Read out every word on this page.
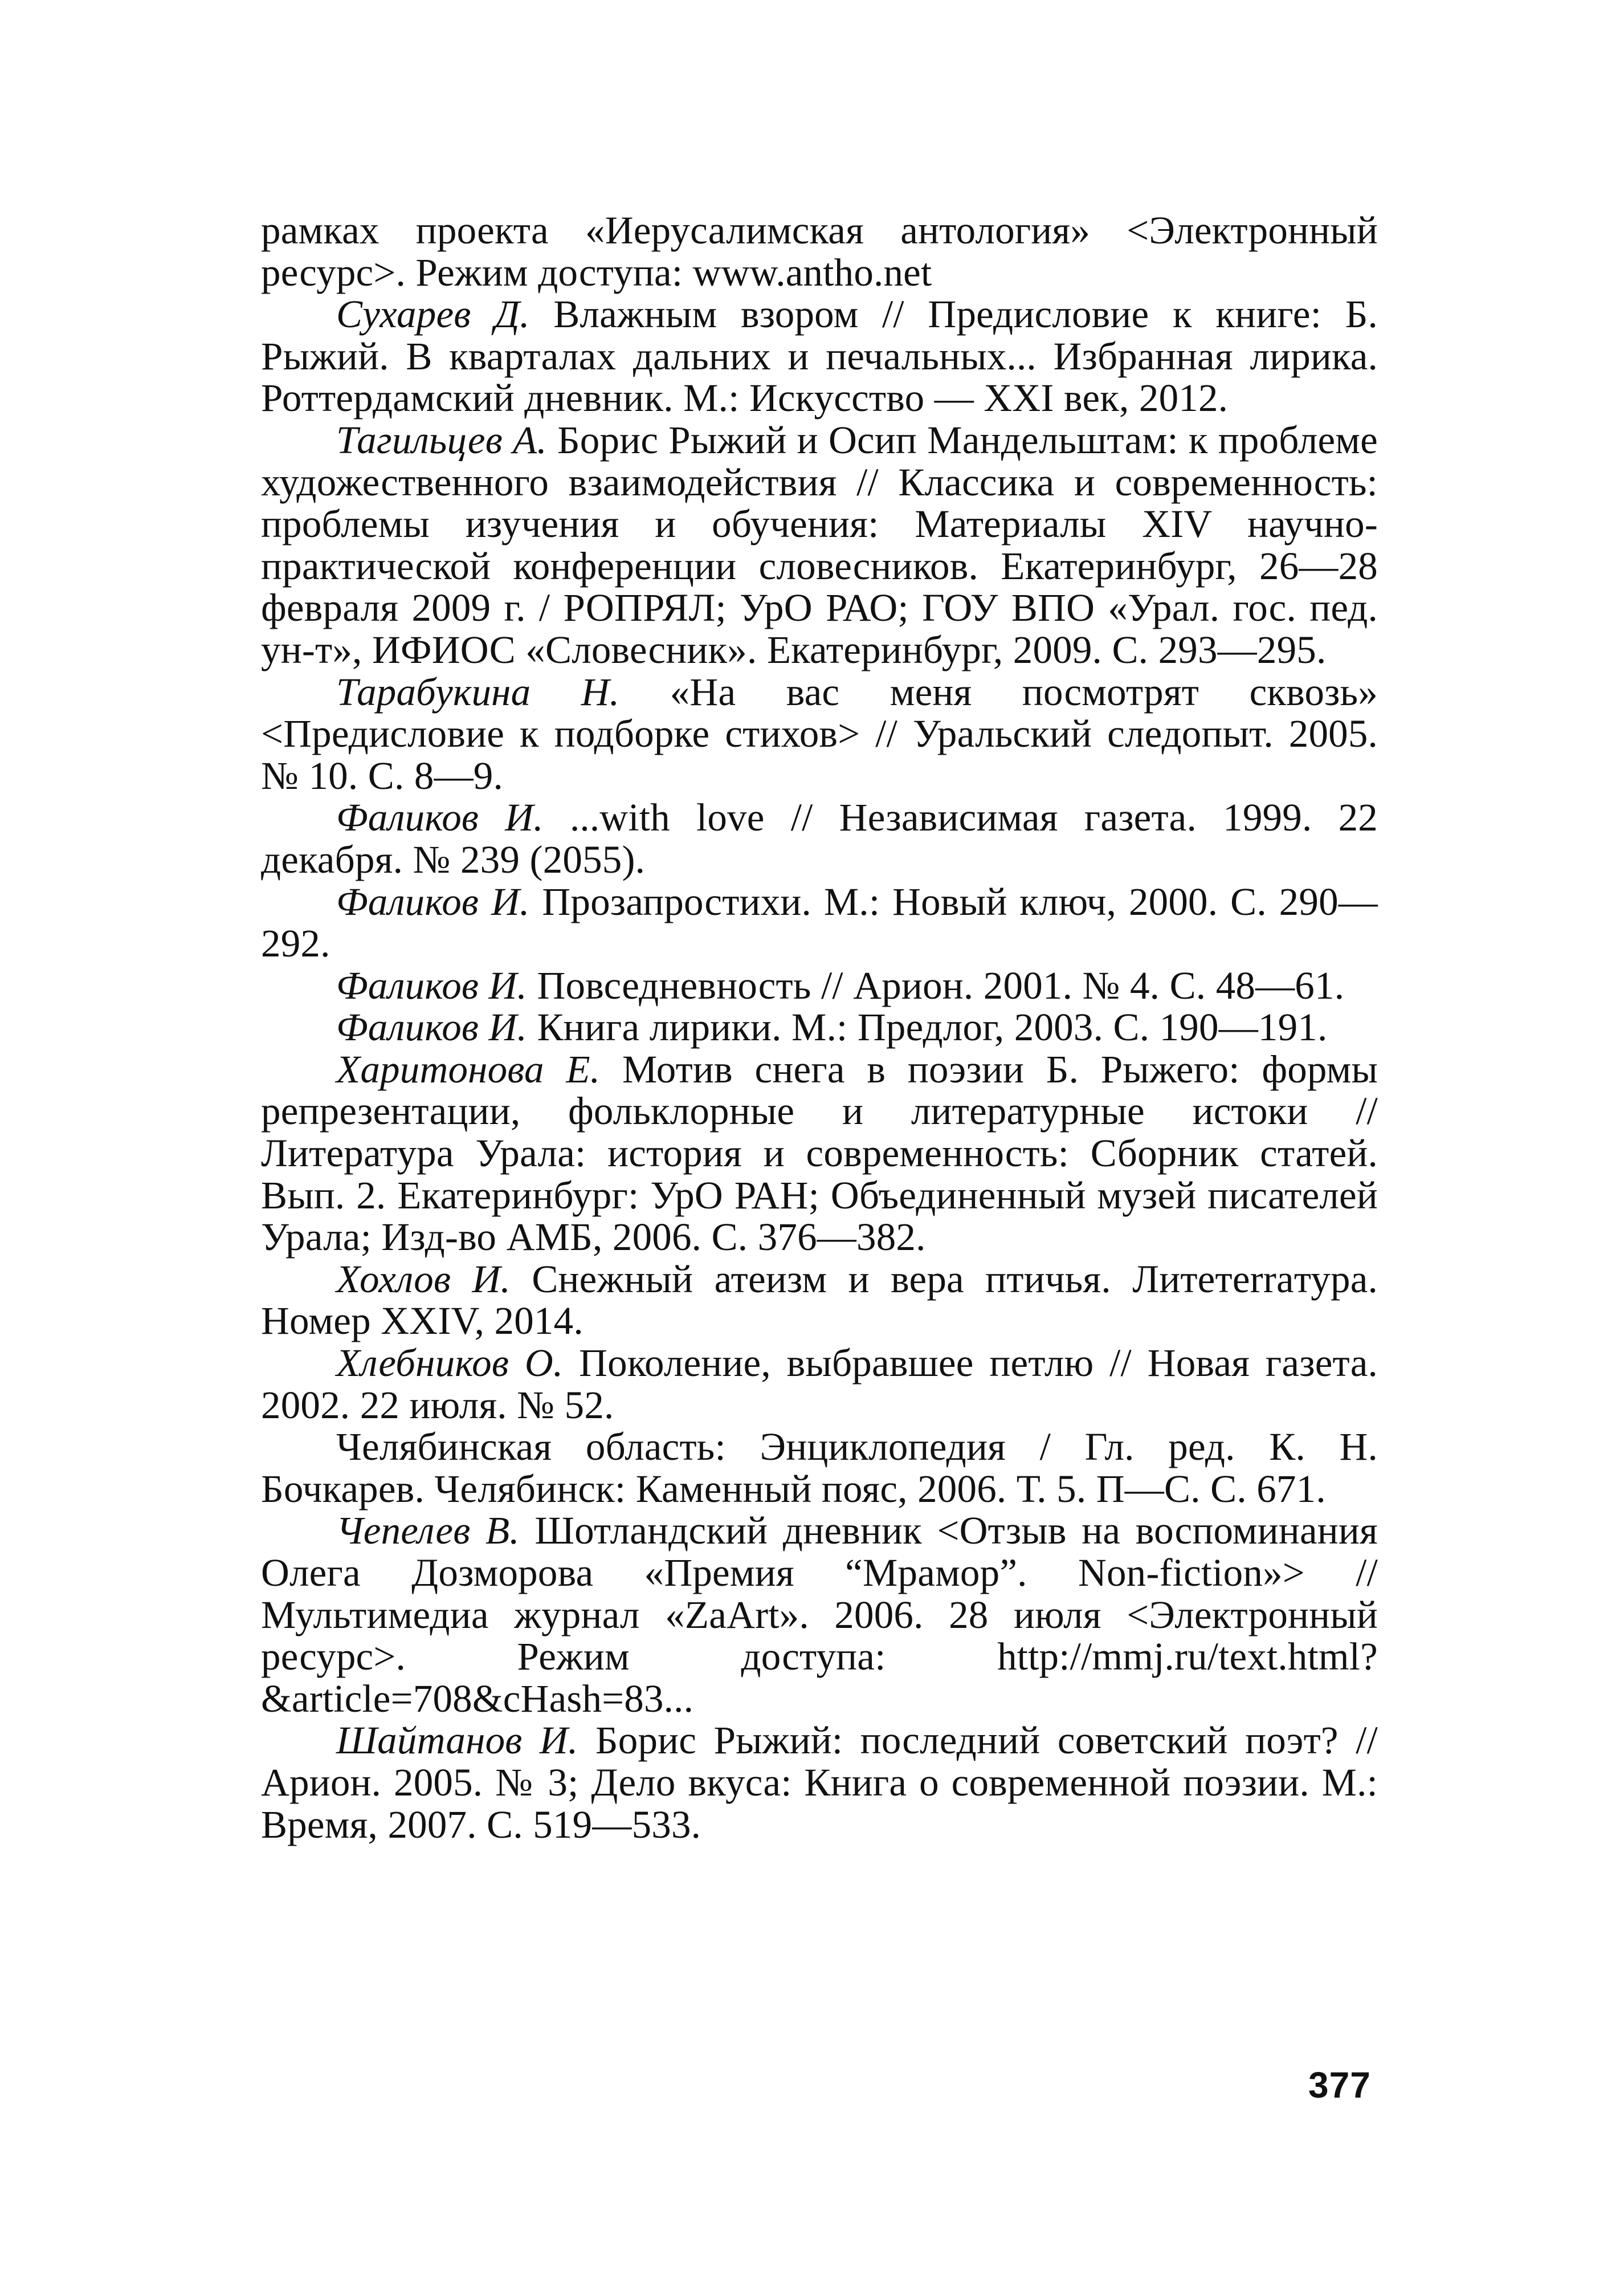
рамках проекта «Иерусалимская антология» <Электронный ресурс>. Режим доступа: www.antho.net

Сухарев Д. Влажным взором // Предисловие к книге: Б. Рыжий. В кварталах дальних и печальных... Избранная лирика. Роттердамский дневник. М.: Искусство — XXI век, 2012.

Тагильцев А. Борис Рыжий и Осип Мандельштам: к проблеме художественного взаимодействия // Классика и современность: проблемы изучения и обучения: Материалы XIV научно-практической конференции словесников. Екатеринбург, 26—28 февраля 2009 г. / РОПРЯЛ; УрО РАО; ГОУ ВПО «Урал. гос. пед. ун-т», ИФИОС «Словесник». Екатеринбург, 2009. С. 293—295.

Тарабукина Н. «На вас меня посмотрят сквозь» <Предисловие к подборке стихов> // Уральский следопыт. 2005. № 10. С. 8—9.

Фаликов И. ...with love // Независимая газета. 1999. 22 декабря. № 239 (2055).

Фаликов И. Прозапростихи. М.: Новый ключ, 2000. С. 290—292.

Фаликов И. Повседневность // Арион. 2001. № 4. С. 48—61.

Фаликов И. Книга лирики. М.: Предлог, 2003. С. 190—191.

Харитонова Е. Мотив снега в поэзии Б. Рыжего: формы репрезентации, фольклорные и литературные истоки // Литература Урала: история и современность: Сборник статей. Вып. 2. Екатеринбург: УрО РАН; Объединенный музей писателей Урала; Изд-во АМБ, 2006. С. 376—382.

Хохлов И. Снежный атеизм и вера птичья. Литетerraтура. Номер XXIV, 2014.

Хлебников О. Поколение, выбравшее петлю // Новая газета. 2002. 22 июля. № 52.

Челябинская область: Энциклопедия / Гл. ред. К. Н. Бочкарев. Челябинск: Каменный пояс, 2006. Т. 5. П—С. С. 671.

Чепелев В. Шотландский дневник <Отзыв на воспоминания Олега Дозморова «Премия “Мрамор”. Non-fiction»> // Мультимедиа журнал «ZaArt». 2006. 28 июля <Электронный ресурс>. Режим доступа: http://mmj.ru/text.html?&article=708&cHash=83...

Шайтанов И. Борис Рыжий: последний советский поэт? // Арион. 2005. № 3; Дело вкуса: Книга о современной поэзии. М.: Время, 2007. С. 519—533.

377
